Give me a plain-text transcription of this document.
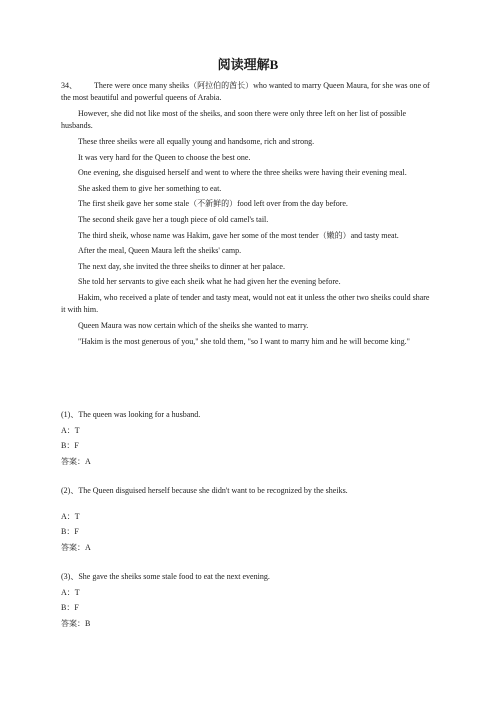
阅读理解B

34、 There were once many sheiks（阿拉伯的酋长）who wanted to marry Queen Maura, for she was one of the most beautiful and powerful queens of Arabia.

However, she did not like most of the sheiks, and soon there were only three left on her list of possible husbands.

These three sheiks were all equally young and handsome, rich and strong.

It was very hard for the Queen to choose the best one.

One evening, she disguised herself and went to where the three sheiks were having their evening meal.

She asked them to give her something to eat.

The first sheik gave her some stale（不新鲜的）food left over from the day before.

The second sheik gave her a tough piece of old camel's tail.

The third sheik, whose name was Hakim, gave her some of the most tender（嫩的）and tasty meat.

After the meal, Queen Maura left the sheiks' camp.

The next day, she invited the three sheiks to dinner at her palace.

She told her servants to give each sheik what he had given her the evening before.

Hakim, who received a plate of tender and tasty meat, would not eat it unless the other two sheiks could share it with him.

Queen Maura was now certain which of the sheiks she wanted to marry.

"Hakim is the most generous of you," she told them, "so I want to marry him and he will become king."

(1)、The queen was looking for a husband.

A：T

B：F

答案：A

(2)、The Queen disguised herself because she didn't want to be recognized by the sheiks.

A：T

B：F

答案：A

(3)、She gave the sheiks some stale food to eat the next evening.

A：T

B：F

答案：B
